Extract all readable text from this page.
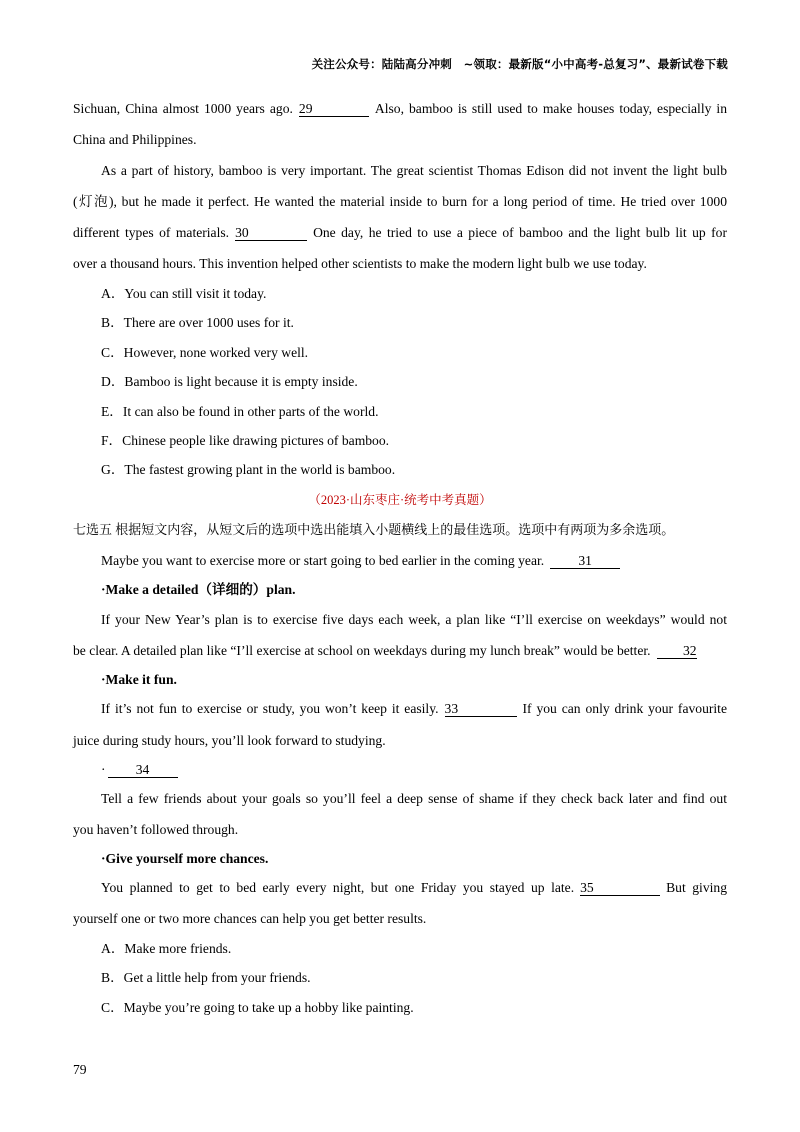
关注公众号：陆陆高分冲刺　~领取：最新版“小中高考-总复习”、最新试卷下载
Sichuan, China almost 1000 years ago. 29	Also, bamboo is still used to make houses today, especially in
China and Philippines.
As a part of history, bamboo is very important. The great scientist Thomas Edison did not invent the light bulb
(灯泡), but he made it perfect. He wanted the material inside to burn for a long period of time. He tried over 1000
different types of materials. 30	One day, he tried to use a piece of bamboo and the light bulb lit up for
over a thousand hours. This invention helped other scientists to make the modern light bulb we use today.
A．You can still visit it today.
B．There are over 1000 uses for it.
C．However, none worked very well.
D．Bamboo is light because it is empty inside.
E．It can also be found in other parts of the world.
F．Chinese people like drawing pictures of bamboo.
G．The fastest growing plant in the world is bamboo.
（2023·山东枣庄·统考中考真题）
七选五 根据短文内容，从短文后的选项中选出能填入小题横线上的最佳选项。选项中有两项为多余选项。
Maybe you want to exercise more or start going to bed earlier in the coming year.	31
·Make a detailed（详细的）plan.
If your New Year’s plan is to exercise five days each week, a plan like “I’ll exercise on weekdays” would not
be clear. A detailed plan like “I’ll exercise at school on weekdays during my lunch break” would be better. 32
·Make it fun.
If it’s not fun to exercise or study, you won’t keep it easily. 33	If you can only drink your favourite
juice during study hours, you’ll look forward to studying.
· 34
Tell a few friends about your goals so you’ll feel a deep sense of shame if they check back later and find out
you haven’t followed through.
·Give yourself more chances.
You planned to get to bed early every night, but one Friday you stayed up late. 35	But giving
yourself one or two more chances can help you get better results.
A．Make more friends.
B．Get a little help from your friends.
C．Maybe you’re going to take up a hobby like painting.
79
